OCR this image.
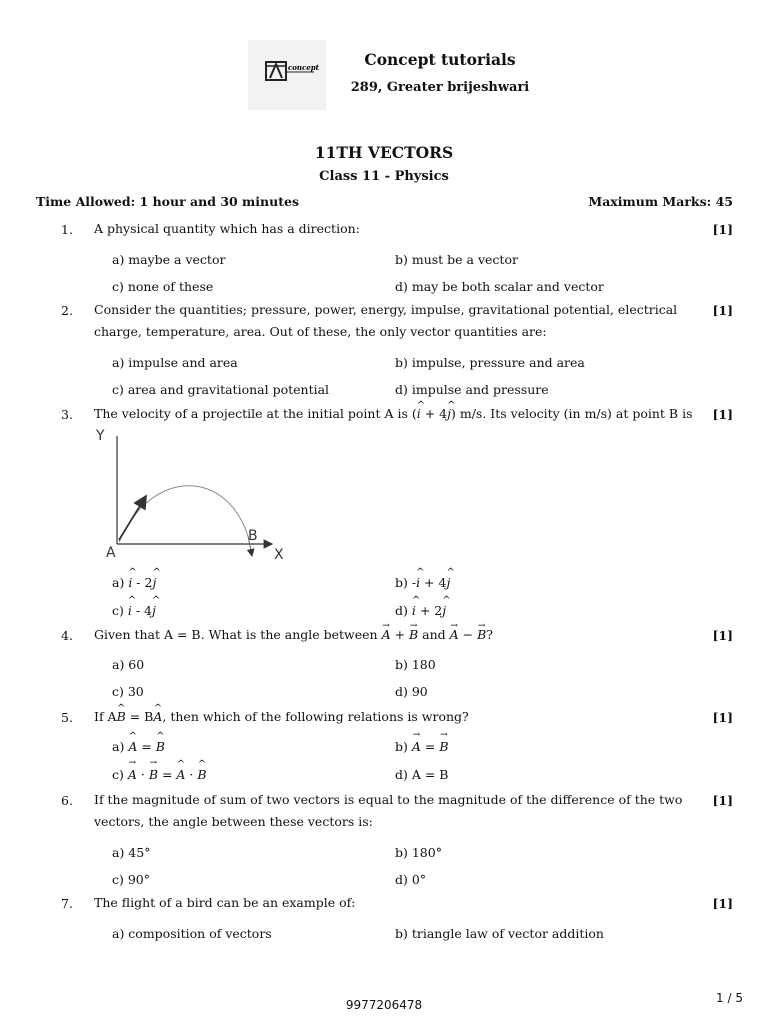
concept	Concept tutorials
289, Greater brijeshwari
11TH VECTORS
Class 11 - Physics
Time Allowed: 1 hour and 30 minutes	Maximum Marks: 45
1. A physical quantity which has a direction:	[1]
a) maybe a vector	b) must be a vector
c) none of these	d) may be both scalar and vector
2. Consider the quantities; pressure, power, energy, impulse, gravitational potential, electrical charge, temperature, area. Out of these, the only vector quantities are:
[1]
a) impulse and area	b) impulse, pressure and area
c) area and gravitational potential	d) impulse and pressure
3. The velocity of a projectile at the initial point A is (^ i + 4^ j) m/s. Its velocity (in m/s) at point B is	[1]
Y
A
B
X
a) ^ i - 2^ j	b) -^ i + 4^ j
c) ^ i - 4^ j	d) ^ i + 2^ j
4. Given that A = B. What is the angle between → A + → B and → A − → B?	[1]
a) 60	b) 180
c) 30	d) 90
5. If A^ B = B^ A, then which of the following relations is wrong?	[1]
a) ^ A = ^ B	b) → A = → B
c) → A · → B = ^ A · ^ B	d) A = B
6. If the magnitude of sum of two vectors is equal to the magnitude of the difference of the two vectors, the angle between these vectors is:
[1]
a) 45°	b) 180°
c) 90°	d) 0°
7. The flight of a bird can be an example of:	[1]
a) composition of vectors	b) triangle law of vector addition
9977206478	1 / 5
